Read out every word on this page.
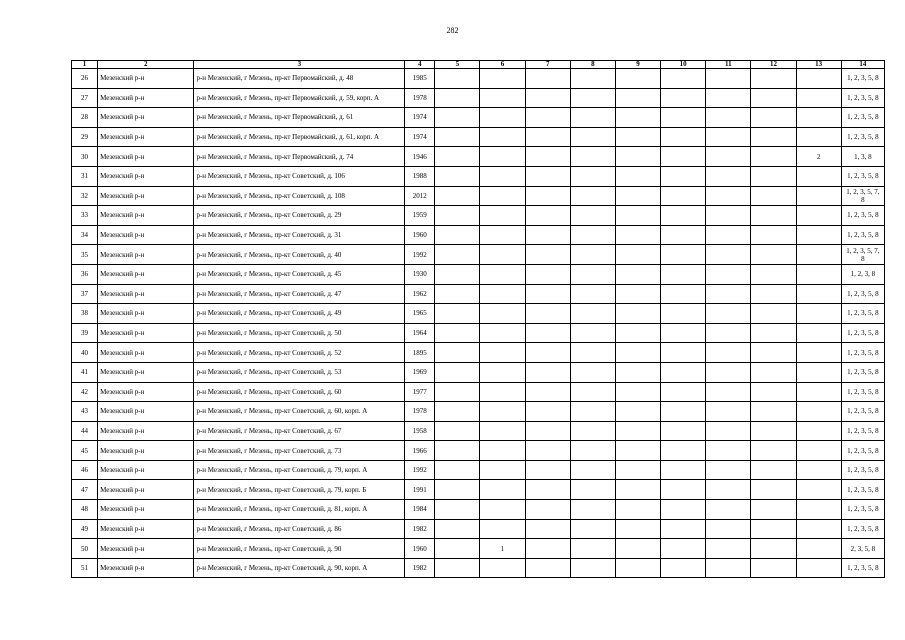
282
1	2	3	4	5	6	7	8	9	10	11	12	13	14
26	Мезенский р-н	р-н Мезенский, г Мезень, пр-кт Первомайский, д. 48	1985										1, 2, 3, 5, 8
27	Мезенский р-н	р-н Мезенский, г Мезень, пр-кт Первомайский, д. 59, корп. А	1978										1, 2, 3, 5, 8
28	Мезенский р-н	р-н Мезенский, г Мезень, пр-кт Первомайский, д. 61	1974										1, 2, 3, 5, 8
29	Мезенский р-н	р-н Мезенский, г Мезень, пр-кт Первомайский, д. 61, корп. А	1974										1, 2, 3, 5, 8
30	Мезенский р-н	р-н Мезенский, г Мезень, пр-кт Первомайский, д. 74	1946									2	1, 3, 8
31	Мезенский р-н	р-н Мезенский, г Мезень, пр-кт Советский, д. 106	1988										1, 2, 3, 5, 8
32	Мезенский р-н	р-н Мезенский, г Мезень, пр-кт Советский, д. 108	2012										1, 2, 3, 5, 7, 8
33	Мезенский р-н	р-н Мезенский, г Мезень, пр-кт Советский, д. 29	1959										1, 2, 3, 5, 8
34	Мезенский р-н	р-н Мезенский, г Мезень, пр-кт Советский, д. 31	1960										1, 2, 3, 5, 8
35	Мезенский р-н	р-н Мезенский, г Мезень, пр-кт Советский, д. 40	1992										1, 2, 3, 5, 7, 8
36	Мезенский р-н	р-н Мезенский, г Мезень, пр-кт Советский, д. 45	1930										1, 2, 3, 8
37	Мезенский р-н	р-н Мезенский, г Мезень, пр-кт Советский, д. 47	1962										1, 2, 3, 5, 8
38	Мезенский р-н	р-н Мезенский, г Мезень, пр-кт Советский, д. 49	1965										1, 2, 3, 5, 8
39	Мезенский р-н	р-н Мезенский, г Мезень, пр-кт Советский, д. 50	1964										1, 2, 3, 5, 8
40	Мезенский р-н	р-н Мезенский, г Мезень, пр-кт Советский, д. 52	1895										1, 2, 3, 5, 8
41	Мезенский р-н	р-н Мезенский, г Мезень, пр-кт Советский, д. 53	1969										1, 2, 3, 5, 8
42	Мезенский р-н	р-н Мезенский, г Мезень, пр-кт Советский, д. 60	1977										1, 2, 3, 5, 8
43	Мезенский р-н	р-н Мезенский, г Мезень, пр-кт Советский, д. 60, корп. А	1978										1, 2, 3, 5, 8
44	Мезенский р-н	р-н Мезенский, г Мезень, пр-кт Советский, д. 67	1958										1, 2, 3, 5, 8
45	Мезенский р-н	р-н Мезенский, г Мезень, пр-кт Советский, д. 73	1966										1, 2, 3, 5, 8
46	Мезенский р-н	р-н Мезенский, г Мезень, пр-кт Советский, д. 79, корп. А	1992										1, 2, 3, 5, 8
47	Мезенский р-н	р-н Мезенский, г Мезень, пр-кт Советский, д. 79, корп. Б	1991										1, 2, 3, 5, 8
48	Мезенский р-н	р-н Мезенский, г Мезень, пр-кт Советский, д. 81, корп. А	1984										1, 2, 3, 5, 8
49	Мезенский р-н	р-н Мезенский, г Мезень, пр-кт Советский, д. 86	1982										1, 2, 3, 5, 8
50	Мезенский р-н	р-н Мезенский, г Мезень, пр-кт Советский, д. 90	1960		1								2, 3, 5, 8
51	Мезенский р-н	р-н Мезенский, г Мезень, пр-кт Советский, д. 90, корп. А	1982										1, 2, 3, 5, 8
